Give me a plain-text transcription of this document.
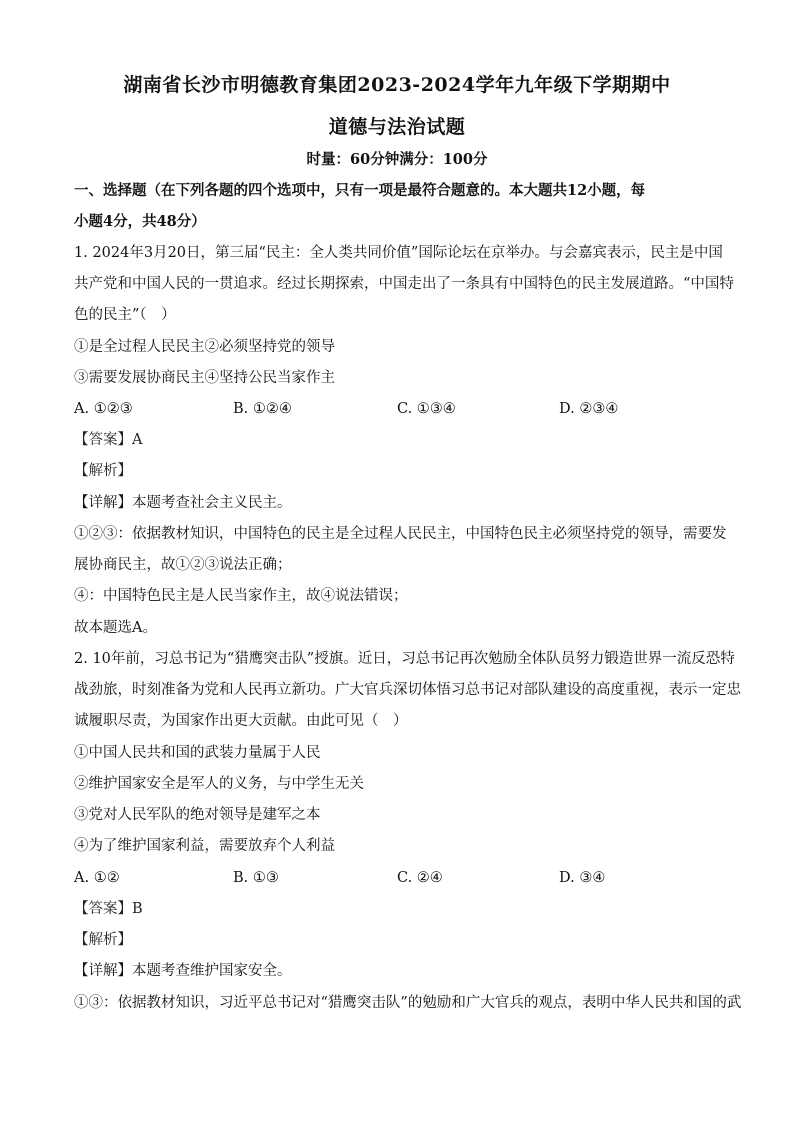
湖南省长沙市明德教育集团2023-2024学年九年级下学期期中
道德与法治试题
时量：60分钟满分：100分
一、选择题（在下列各题的四个选项中，只有一项是最符合题意的。本大题共12小题，每
小题4分，共48分）
1. 2024年3月20日，第三届“民主：全人类共同价值”国际论坛在京举办。与会嘉宾表示，民主是中国
共产党和中国人民的一贯追求。经过长期探索，中国走出了一条具有中国特色的民主发展道路。“中国特
色的民主”（　）
①是全过程人民民主②必须坚持党的领导
③需要发展协商民主④坚持公民当家作主
A. ①②③	B. ①②④	C. ①③④	D. ②③④
【答案】A
【解析】
【详解】本题考查社会主义民主。
①②③：依据教材知识，中国特色的民主是全过程人民民主，中国特色民主必须坚持党的领导，需要发
展协商民主，故①②③说法正确；
④：中国特色民主是人民当家作主，故④说法错误；
故本题选A。
2. 10年前，习总书记为“猎鹰突击队”授旗。近日，习总书记再次勉励全体队员努力锻造世界一流反恐特
战劲旅，时刻准备为党和人民再立新功。广大官兵深切体悟习总书记对部队建设的高度重视，表示一定忠
诚履职尽责，为国家作出更大贡献。由此可见（　）
①中国人民共和国的武装力量属于人民
②维护国家安全是军人的义务，与中学生无关
③党对人民军队的绝对领导是建军之本
④为了维护国家利益，需要放弃个人利益
A. ①②	B. ①③	C. ②④	D. ③④
【答案】B
【解析】
【详解】本题考查维护国家安全。
①③：依据教材知识，习近平总书记对“猎鹰突击队”的勉励和广大官兵的观点，表明中华人民共和国的武
